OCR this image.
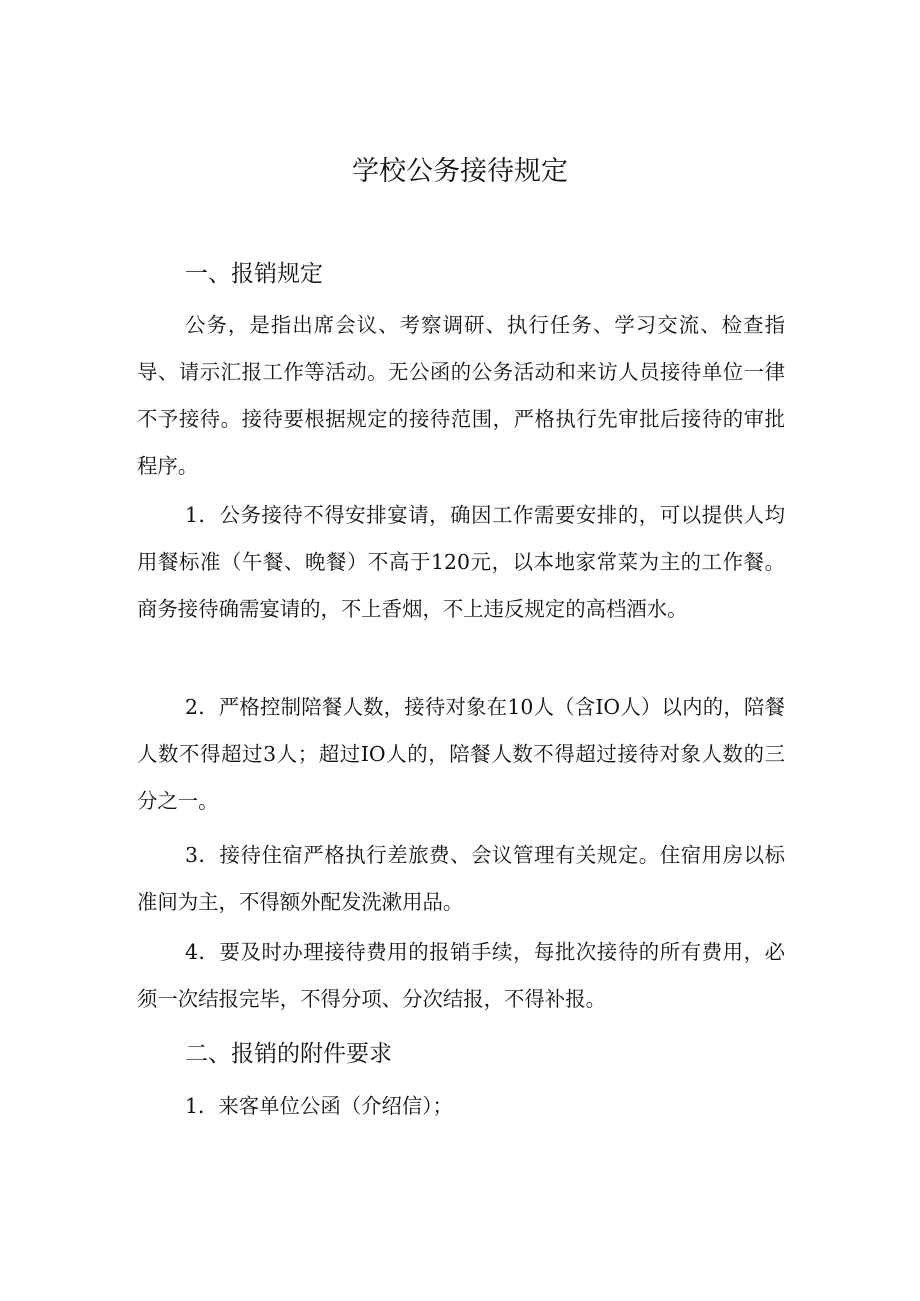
学校公务接待规定
一、报销规定

公务，是指出席会议、考察调研、执行任务、学习交流、检查指导、请示汇报工作等活动。无公函的公务活动和来访人员接待单位一律不予接待。接待要根据规定的接待范围，严格执行先审批后接待的审批程序。

1．公务接待不得安排宴请，确因工作需要安排的，可以提供人均用餐标准（午餐、晚餐）不高于120元，以本地家常菜为主的工作餐。商务接待确需宴请的，不上香烟，不上违反规定的高档酒水。

2．严格控制陪餐人数，接待对象在10人（含IO人）以内的，陪餐人数不得超过3人；超过IO人的，陪餐人数不得超过接待对象人数的三分之一。

3．接待住宿严格执行差旅费、会议管理有关规定。住宿用房以标准间为主，不得额外配发洗漱用品。

4．要及时办理接待费用的报销手续，每批次接待的所有费用，必须一次结报完毕，不得分项、分次结报，不得补报。

二、报销的附件要求

1．来客单位公函（介绍信）；
